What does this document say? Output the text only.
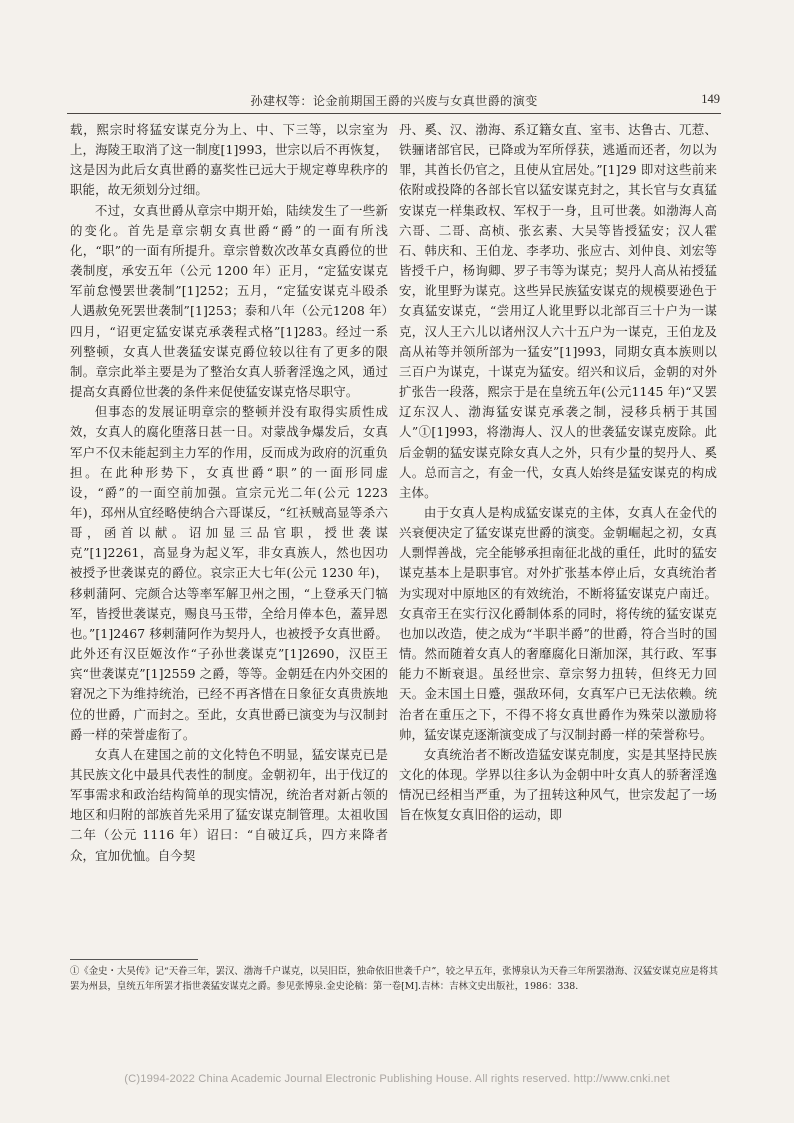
孙建权等：论金前期国王爵的兴废与女真世爵的演变	149

载，熙宗时将猛安谋克分为上、中、下三等，以宗室为上，海陵王取消了这一制度[1]993，世宗以后不再恢复，这是因为此后女真世爵的嘉奖性已远大于规定尊卑秩序的职能，故无须划分过细。

不过，女真世爵从章宗中期开始，陆续发生了一些新的变化。首先是章宗朝女真世爵“爵”的一面有所浅化，“职”的一面有所提升。章宗曾数次改革女真爵位的世袭制度，承安五年（公元 1200 年）正月，“定猛安谋克军前怠慢罢世袭制”[1]252；五月，“定猛安谋克斗殴杀人遇赦免死罢世袭制”[1]253；泰和八年（公元1208 年）四月，“诏更定猛安谋克承袭程式格”[1]283。经过一系列整顿，女真人世袭猛安谋克爵位较以往有了更多的限制。章宗此举主要是为了整治女真人骄奢淫逸之风，通过提高女真爵位世袭的条件来促使猛安谋克恪尽职守。

但事态的发展证明章宗的整顿并没有取得实质性成效，女真人的腐化堕落日甚一日。对蒙战争爆发后，女真军户不仅未能起到主力军的作用，反而成为政府的沉重负担。在此种形势下，女真世爵“职”的一面形同虚设，“爵”的一面空前加强。宣宗元光二年(公元 1223 年)，邳州从宜经略使纳合六哥谋反，“红袄贼高显等杀六哥，函首以献。诏加显三品官职，授世袭谋克”[1]2261，高显身为起义军，非女真族人，然也因功被授予世袭谋克的爵位。哀宗正大七年(公元 1230 年)，移剌蒲阿、完颜合达等率军解卫州之围，“上登承天门犒军，皆授世袭谋克，赐良马玉带，全给月俸本色，蓋异恩也。”[1]2467 移剌蒲阿作为契丹人，也被授予女真世爵。此外还有汉臣姬汝作“子孙世袭谋克”[1]2690，汉臣王宾“世袭谋克”[1]2559 之爵，等等。金朝廷在内外交困的窘况之下为维持统治，已经不再吝惜在日象征女真贵族地位的世爵，广而封之。至此，女真世爵已演变为与汉制封爵一样的荣誉虚衔了。

女真人在建国之前的文化特色不明显，猛安谋克已是其民族文化中最具代表性的制度。金朝初年，出于伐辽的军事需求和政治结构简单的现实情况，统治者对新占领的地区和归附的部族首先采用了猛安谋克制管理。太祖收国二年（公元 1116 年）诏曰：“自破辽兵，四方来降者众，宜加优恤。自今契

丹、奚、汉、渤海、系辽籍女直、室韦、达鲁古、兀惹、铁骊诸部官民，已降或为军所俘获，逃遁而还者，勿以为罪，其酋长仍官之，且使从宜居处。”[1]29 即对这些前来依附或投降的各部长官以猛安谋克封之，其长官与女真猛安谋克一样集政权、军权于一身，且可世袭。如渤海人高六哥、二哥、高桢、张玄素、大吴等皆授猛安；汉人霍石、韩庆和、王伯龙、李孝功、张应古、刘仲良、刘宏等皆授千户，杨询卿、罗子韦等为谋克；契丹人高从祐授猛安，讹里野为谋克。这些异民族猛安谋克的规模要逊色于女真猛安谋克，“尝用辽人讹里野以北部百三十户为一谋克，汉人王六儿以诸州汉人六十五户为一谋克，王伯龙及高从祐等并领所部为一猛安”[1]993，同期女真本族则以三百户为谋克，十谋克为猛安。绍兴和议后，金朝的对外扩张告一段落，熙宗于是在皇统五年(公元1145 年)“又罢辽东汉人、渤海猛安谋克承袭之制，浸移兵柄于其国人”①[1]993，将渤海人、汉人的世袭猛安谋克废除。此后金朝的猛安谋克除女真人之外，只有少量的契丹人、奚人。总而言之，有金一代，女真人始终是猛安谋克的构成主体。

由于女真人是构成猛安谋克的主体，女真人在金代的兴衰便决定了猛安谋克世爵的演变。金朝崛起之初，女真人剽悍善战，完全能够承担南征北战的重任，此时的猛安谋克基本上是职事官。对外扩张基本停止后，女真统治者为实现对中原地区的有效统治，不断将猛安谋克户南迁。女真帝王在实行汉化爵制体系的同时，将传统的猛安谋克也加以改造，使之成为“半职半爵”的世爵，符合当时的国情。然而随着女真人的奢靡腐化日渐加深，其行政、军事能力不断衰退。虽经世宗、章宗努力扭转，但终无力回天。金末国土日蹙，强敌环伺，女真军户已无法依赖。统治者在重压之下，不得不将女真世爵作为殊荣以激励将帅，猛安谋克逐渐演变成了与汉制封爵一样的荣誉称号。

女真统治者不断改造猛安谋克制度，实是其坚持民族文化的体现。学界以往多认为金朝中叶女真人的骄奢淫逸情况已经相当严重，为了扭转这种风气，世宗发起了一场旨在恢复女真旧俗的运动，即

①《金史・大昊传》记“天眷三年，罢汉、渤海千户谋克，以吴旧臣，独命依旧世袭千户”，较之早五年，张博泉认为天眷三年所罢渤海、汉猛安谋克应是将其罢为州县，皇统五年所罢才指世袭猛安谋克之爵。参见张博泉.金史论稿：第一卷[M].吉林：吉林文史出版社，1986：338.
(C)1994-2022 China Academic Journal Electronic Publishing House. All rights reserved. http://www.cnki.net
